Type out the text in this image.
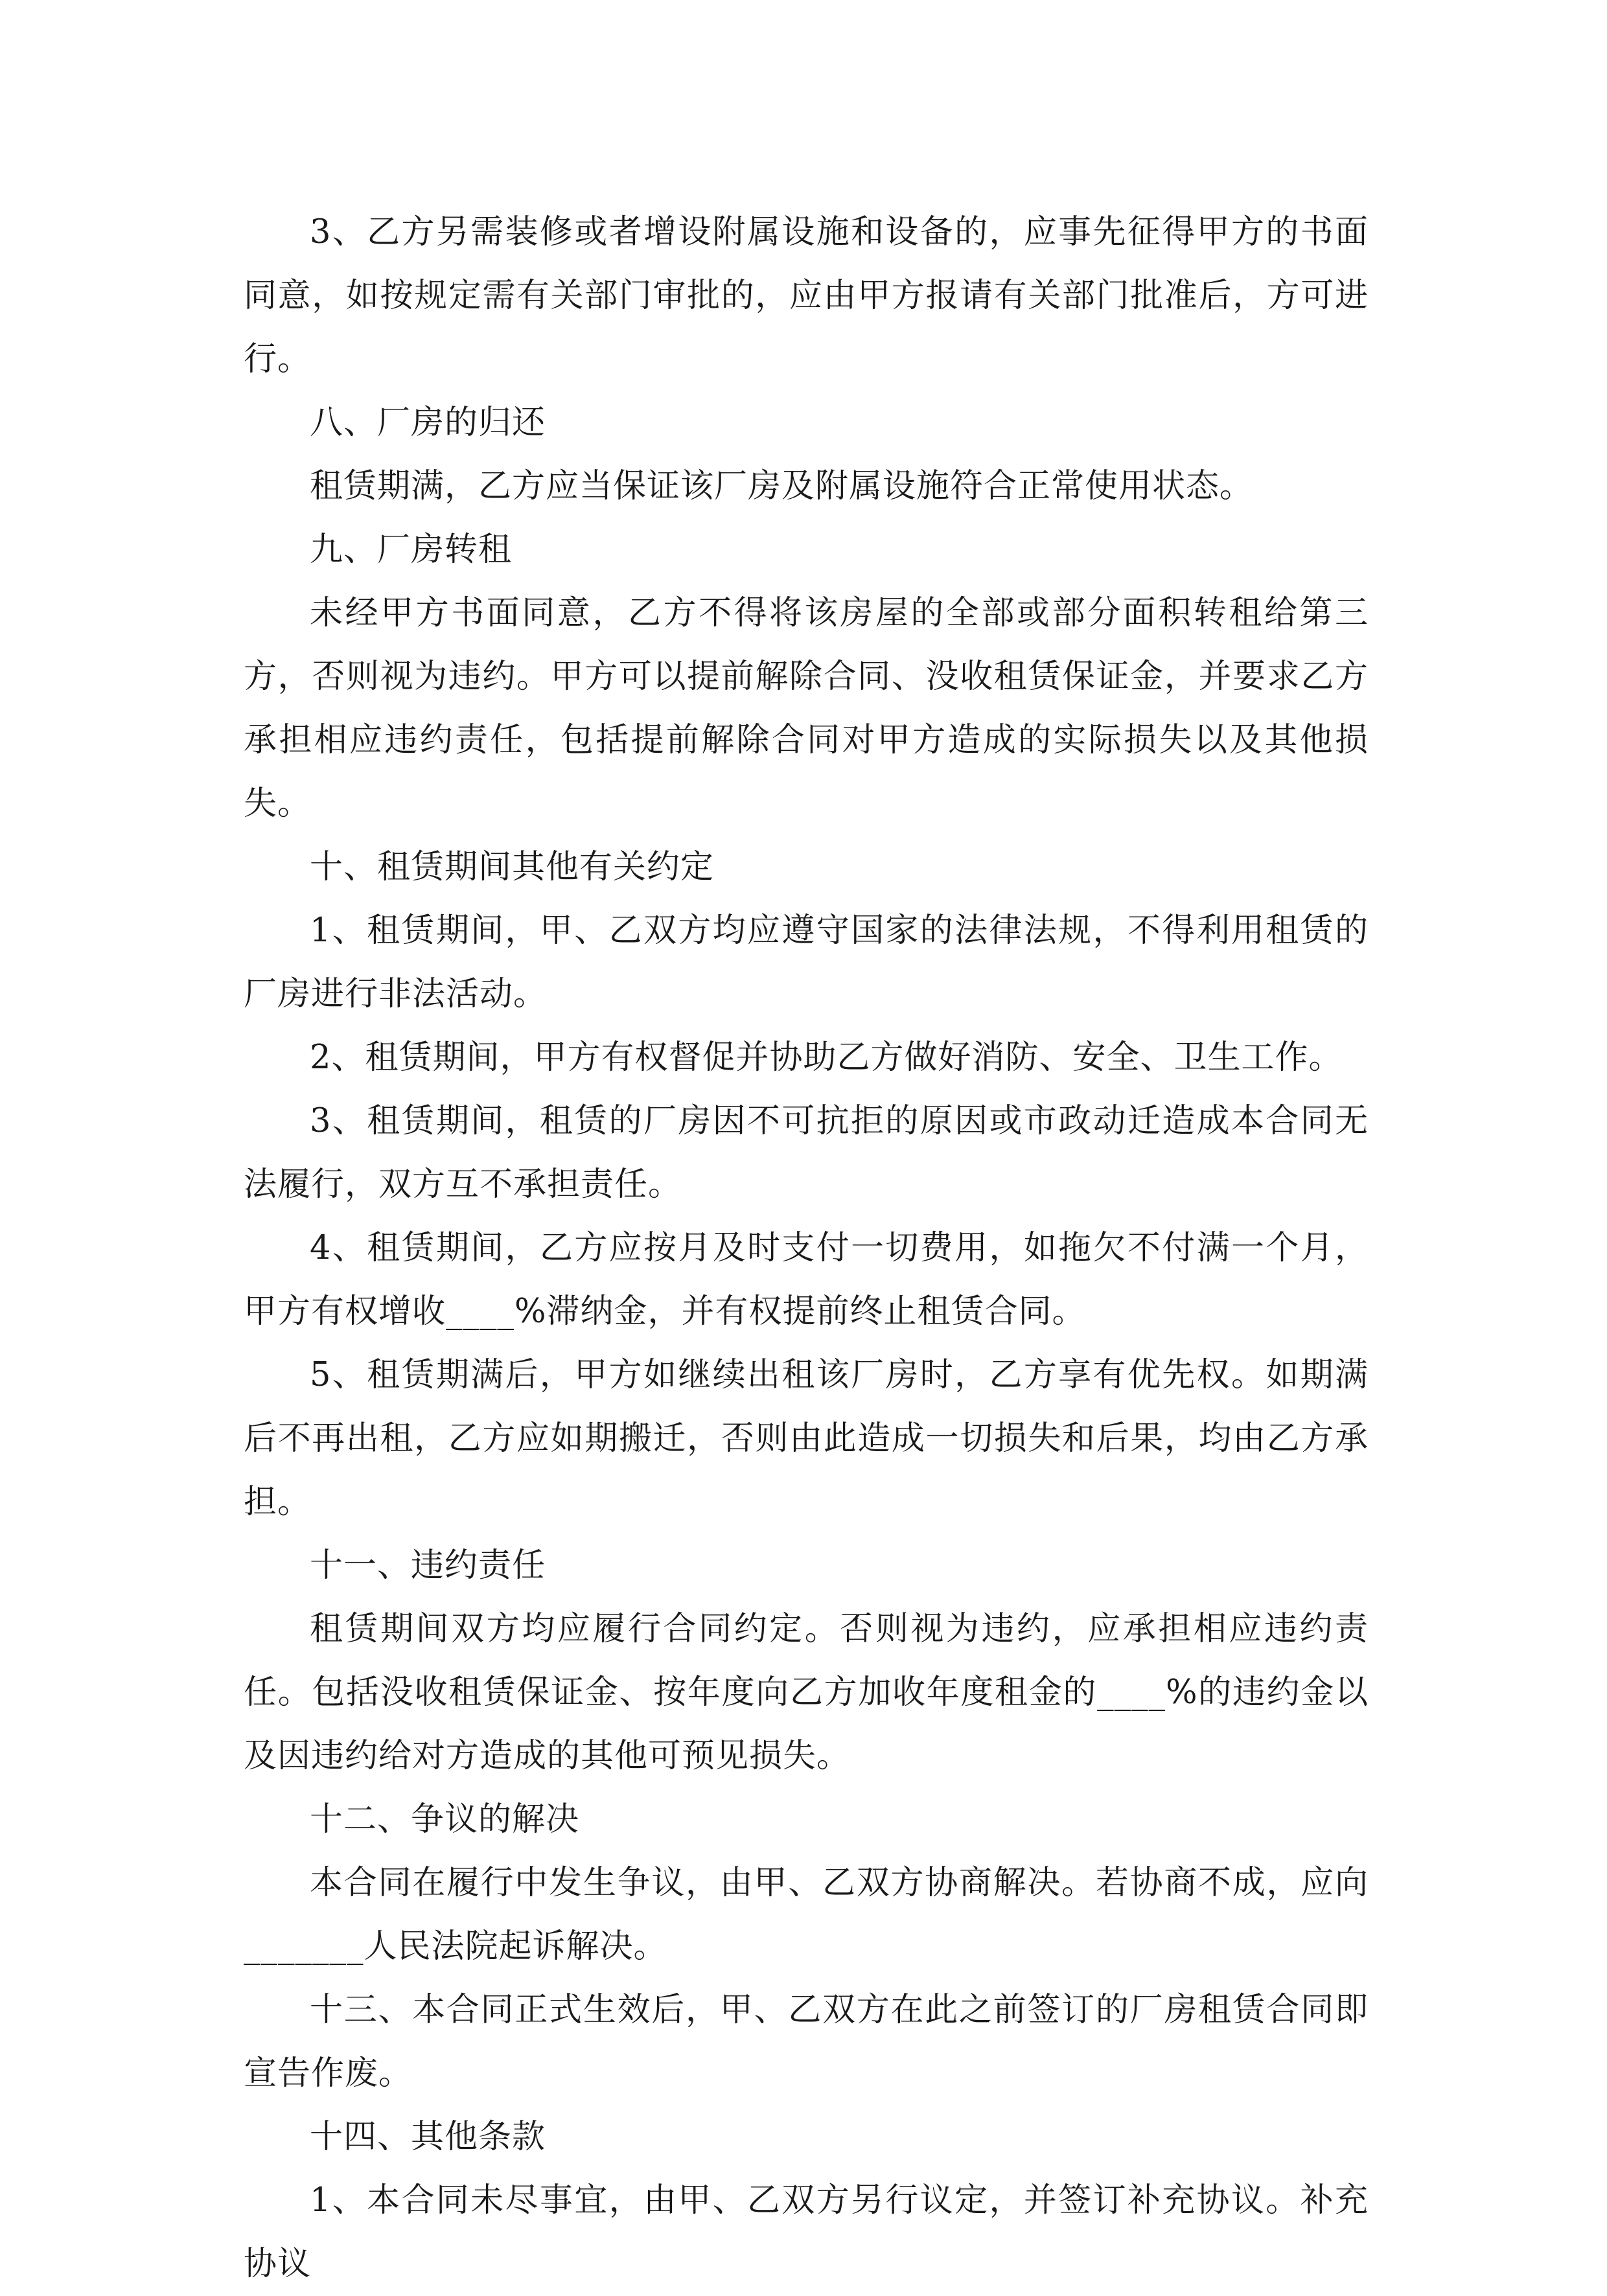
3、乙方另需装修或者增设附属设施和设备的，应事先征得甲方的书面同意，如按规定需有关部门审批的，应由甲方报请有关部门批准后，方可进行。

八、厂房的归还

租赁期满，乙方应当保证该厂房及附属设施符合正常使用状态。

九、厂房转租

未经甲方书面同意，乙方不得将该房屋的全部或部分面积转租给第三方，否则视为违约。甲方可以提前解除合同、没收租赁保证金，并要求乙方承担相应违约责任，包括提前解除合同对甲方造成的实际损失以及其他损失。

十、租赁期间其他有关约定

1、租赁期间，甲、乙双方均应遵守国家的法律法规，不得利用租赁的厂房进行非法活动。

2、租赁期间，甲方有权督促并协助乙方做好消防、安全、卫生工作。

3、租赁期间，租赁的厂房因不可抗拒的原因或市政动迁造成本合同无法履行，双方互不承担责任。

4、租赁期间，乙方应按月及时支付一切费用，如拖欠不付满一个月，甲方有权增收____%滞纳金，并有权提前终止租赁合同。

5、租赁期满后，甲方如继续出租该厂房时，乙方享有优先权。如期满后不再出租，乙方应如期搬迁，否则由此造成一切损失和后果，均由乙方承担。

十一、违约责任

租赁期间双方均应履行合同约定。否则视为违约，应承担相应违约责任。包括没收租赁保证金、按年度向乙方加收年度租金的____%的违约金以及因违约给对方造成的其他可预见损失。

十二、争议的解决

本合同在履行中发生争议，由甲、乙双方协商解决。若协商不成，应向_______人民法院起诉解决。

十三、本合同正式生效后，甲、乙双方在此之前签订的厂房租赁合同即宣告作废。

十四、其他条款

1、本合同未尽事宜，由甲、乙双方另行议定，并签订补充协议。补充协议
